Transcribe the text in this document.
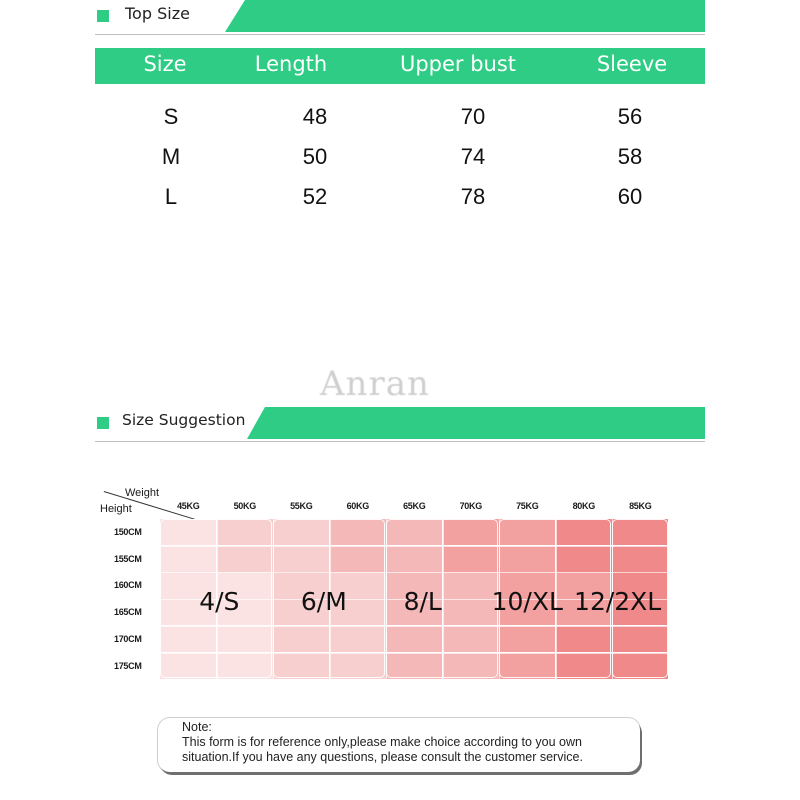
Top Size
Size	Length	Upper bust	Sleeve
S	48	70	56
M	50	74	58
L	52	78	60
Anran
Size Suggestion
Weight
Height	45KG	50KG	55KG	60KG	65KG	70KG	75KG	80KG	85KG
150CM
155CM
160CM
165CM
170CM
175CM
4/S 6/M 8/L 10/XL 12/2XL
Note:
This form is for reference only,please make choice according to you own situation.If you have any questions, please consult the customer service.
